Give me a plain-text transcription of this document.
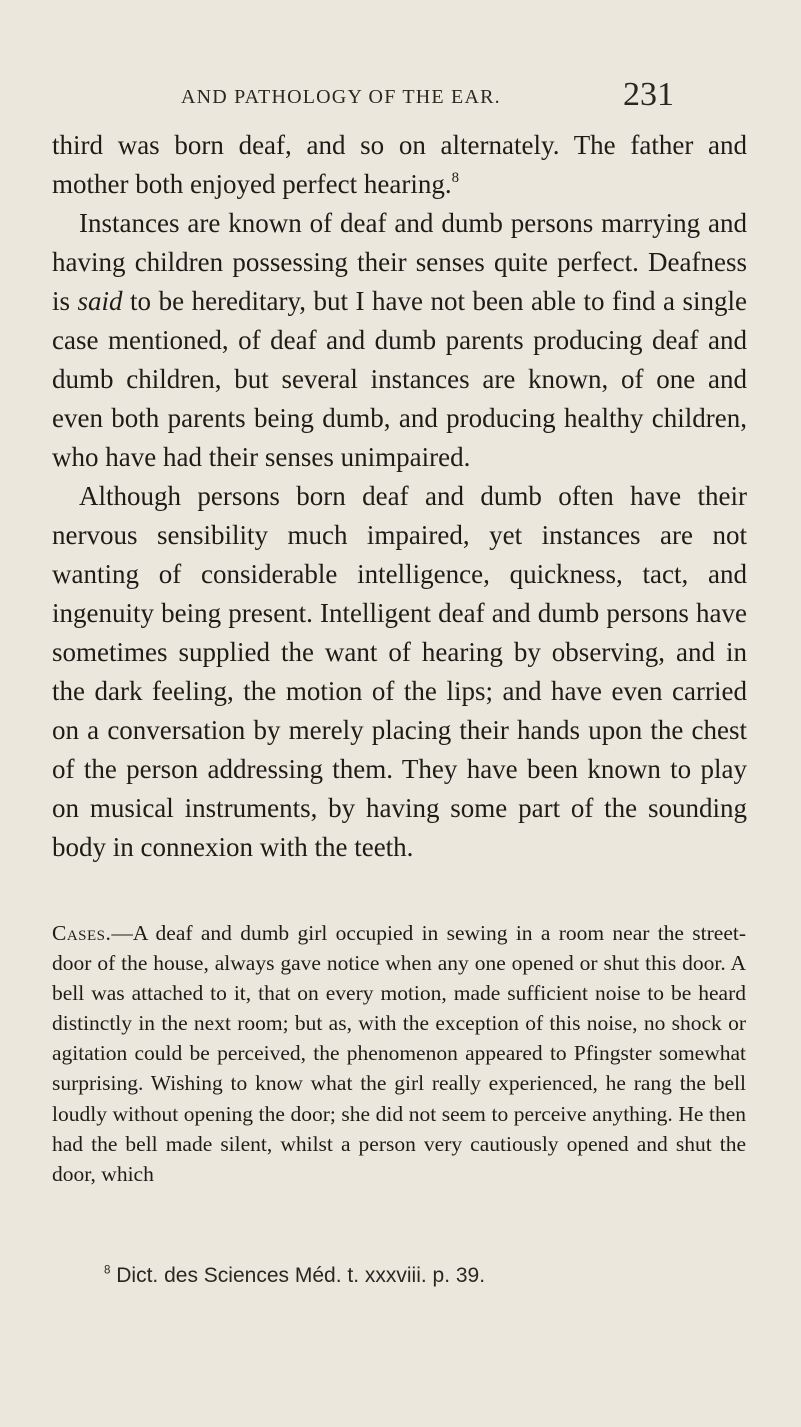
AND PATHOLOGY OF THE EAR.	231

third was born deaf, and so on alternately. The father and mother both enjoyed perfect hearing.$^8$

Instances are known of deaf and dumb persons marrying and having children possessing their senses quite perfect. Deafness is said to be hereditary, but I have not been able to find a single case mentioned, of deaf and dumb parents producing deaf and dumb children, but several instances are known, of one and even both parents being dumb, and producing healthy children, who have had their senses unimpaired.

Although persons born deaf and dumb often have their nervous sensibility much impaired, yet instances are not wanting of considerable intelligence, quickness, tact, and ingenuity being present. Intelligent deaf and dumb persons have sometimes supplied the want of hearing by observing, and in the dark feeling, the motion of the lips; and have even carried on a conversation by merely placing their hands upon the chest of the person addressing them. They have been known to play on musical instruments, by having some part of the sounding body in connexion with the teeth.

Cases.—A deaf and dumb girl occupied in sewing in a room near the street-door of the house, always gave notice when any one opened or shut this door. A bell was attached to it, that on every motion, made sufficient noise to be heard distinctly in the next room; but as, with the exception of this noise, no shock or agitation could be perceived, the phenomenon appeared to Pfingster somewhat surprising. Wishing to know what the girl really experienced, he rang the bell loudly without opening the door; she did not seem to perceive anything. He then had the bell made silent, whilst a person very cautiously opened and shut the door, which

$^8$ Dict. des Sciences Méd. t. xxxviii. p. 39.
